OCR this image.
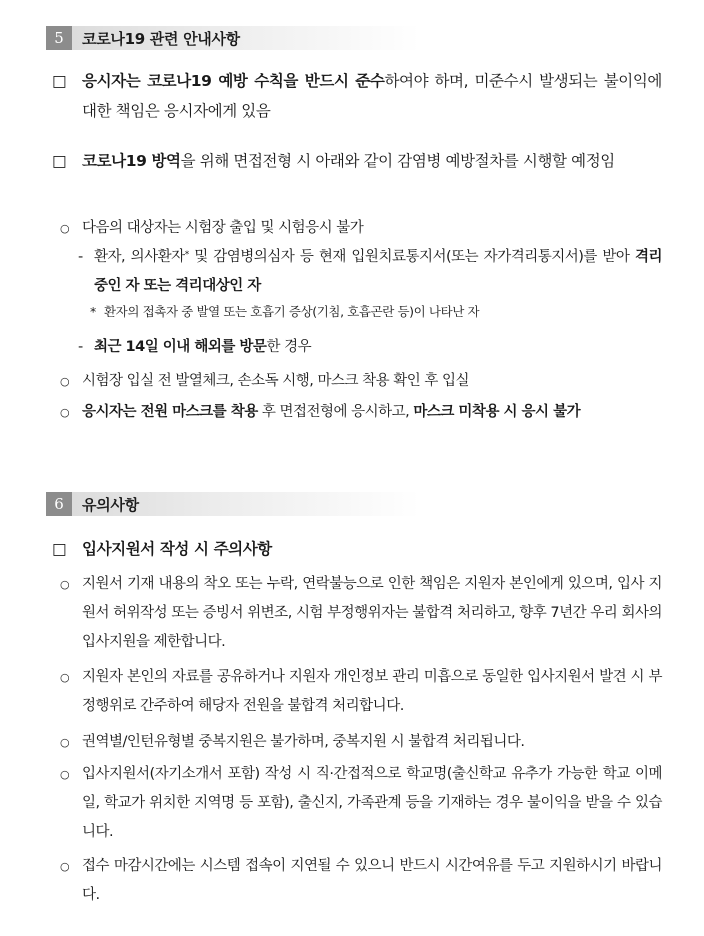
5	코로나19 관련 안내사항
□ 응시자는 코로나19 예방 수칙을 반드시 준수하여야 하며, 미준수시 발생되는 불이익에 대한 책임은 응시자에게 있음
□ 코로나19 방역을 위해 면접전형 시 아래와 같이 감염병 예방절차를 시행할 예정임
○ 다음의 대상자는 시험장 출입 및 시험응시 불가
- 환자, 의사환자* 및 감염병의심자 등 현재 입원치료통지서(또는 자가격리통지서)를 받아 격리중인 자 또는 격리대상인 자
* 환자의 접촉자 중 발열 또는 호흡기 증상(기침, 호흡곤란 등)이 나타난 자
- 최근 14일 이내 해외를 방문한 경우
○ 시험장 입실 전 발열체크, 손소독 시행, 마스크 착용 확인 후 입실
○ 응시자는 전원 마스크를 착용 후 면접전형에 응시하고, 마스크 미착용 시 응시 불가
6	유의사항
□ 입사지원서 작성 시 주의사항
○ 지원서 기재 내용의 착오 또는 누락, 연락불능으로 인한 책임은 지원자 본인에게 있으며, 입사 지원서 허위작성 또는 증빙서 위변조, 시험 부정행위자는 불합격 처리하고, 향후 7년간 우리 회사의 입사지원을 제한합니다.
○ 지원자 본인의 자료를 공유하거나 지원자 개인정보 관리 미흡으로 동일한 입사지원서 발견 시 부정행위로 간주하여 해당자 전원을 불합격 처리합니다.
○ 권역별/인턴유형별 중복지원은 불가하며, 중복지원 시 불합격 처리됩니다.
○ 입사지원서(자기소개서 포함) 작성 시 직·간접적으로 학교명(출신학교 유추가 가능한 학교 이메일, 학교가 위치한 지역명 등 포함), 출신지, 가족관계 등을 기재하는 경우 불이익을 받을 수 있습니다.
○ 접수 마감시간에는 시스템 접속이 지연될 수 있으니 반드시 시간여유를 두고 지원하시기 바랍니다.
